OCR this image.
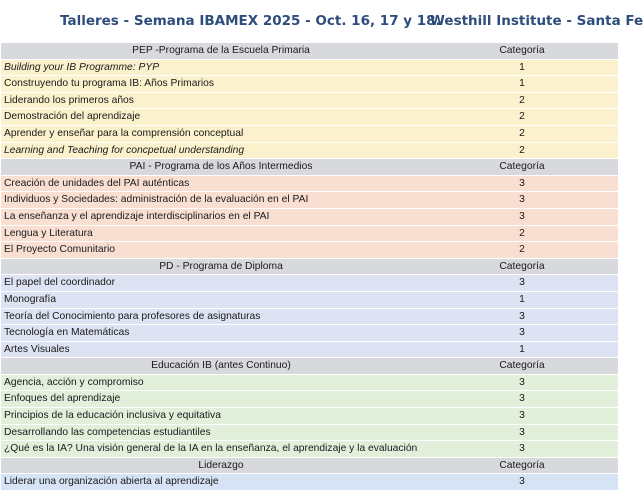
Talleres - Semana IBAMEX 2025 - Oct. 16, 17 y 18.
Westhill Institute - Santa Fe
PEP -Programa de la Escuela Primaria	Categoría
Building your IB Programme: PYP	1
Construyendo tu programa IB: Años Primarios	1
Liderando los primeros años	2
Demostración del aprendizaje	2
Aprender y enseñar para la comprensión conceptual	2
Learning and Teaching for concpetual understanding	2
PAI - Programa de los Años Intermedios	Categoría
Creación de unidades del PAI auténticas	3
Individuos y Sociedades: administración de la evaluación en el PAI	3
La enseñanza y el aprendizaje interdisciplinarios en el PAI	3
Lengua y Literatura	2
El Proyecto Comunitario	2
PD - Programa de Diploma	Categoría
El papel del coordinador	3
Monografía	1
Teoría del Conocimiento para profesores de asignaturas	3
Tecnología en Matemáticas	3
Artes Visuales	1
Educación IB (antes Continuo)	Categoría
Agencia, acción y compromiso	3
Enfoques del aprendizaje	3
Principios de la educación inclusiva y equitativa	3
Desarrollando las competencias estudiantiles	3
¿Qué es la IA? Una visión general de la IA en la enseñanza, el aprendizaje y la evaluación	3
Liderazgo	Categoría
Liderar una organización abierta al aprendizaje	3
